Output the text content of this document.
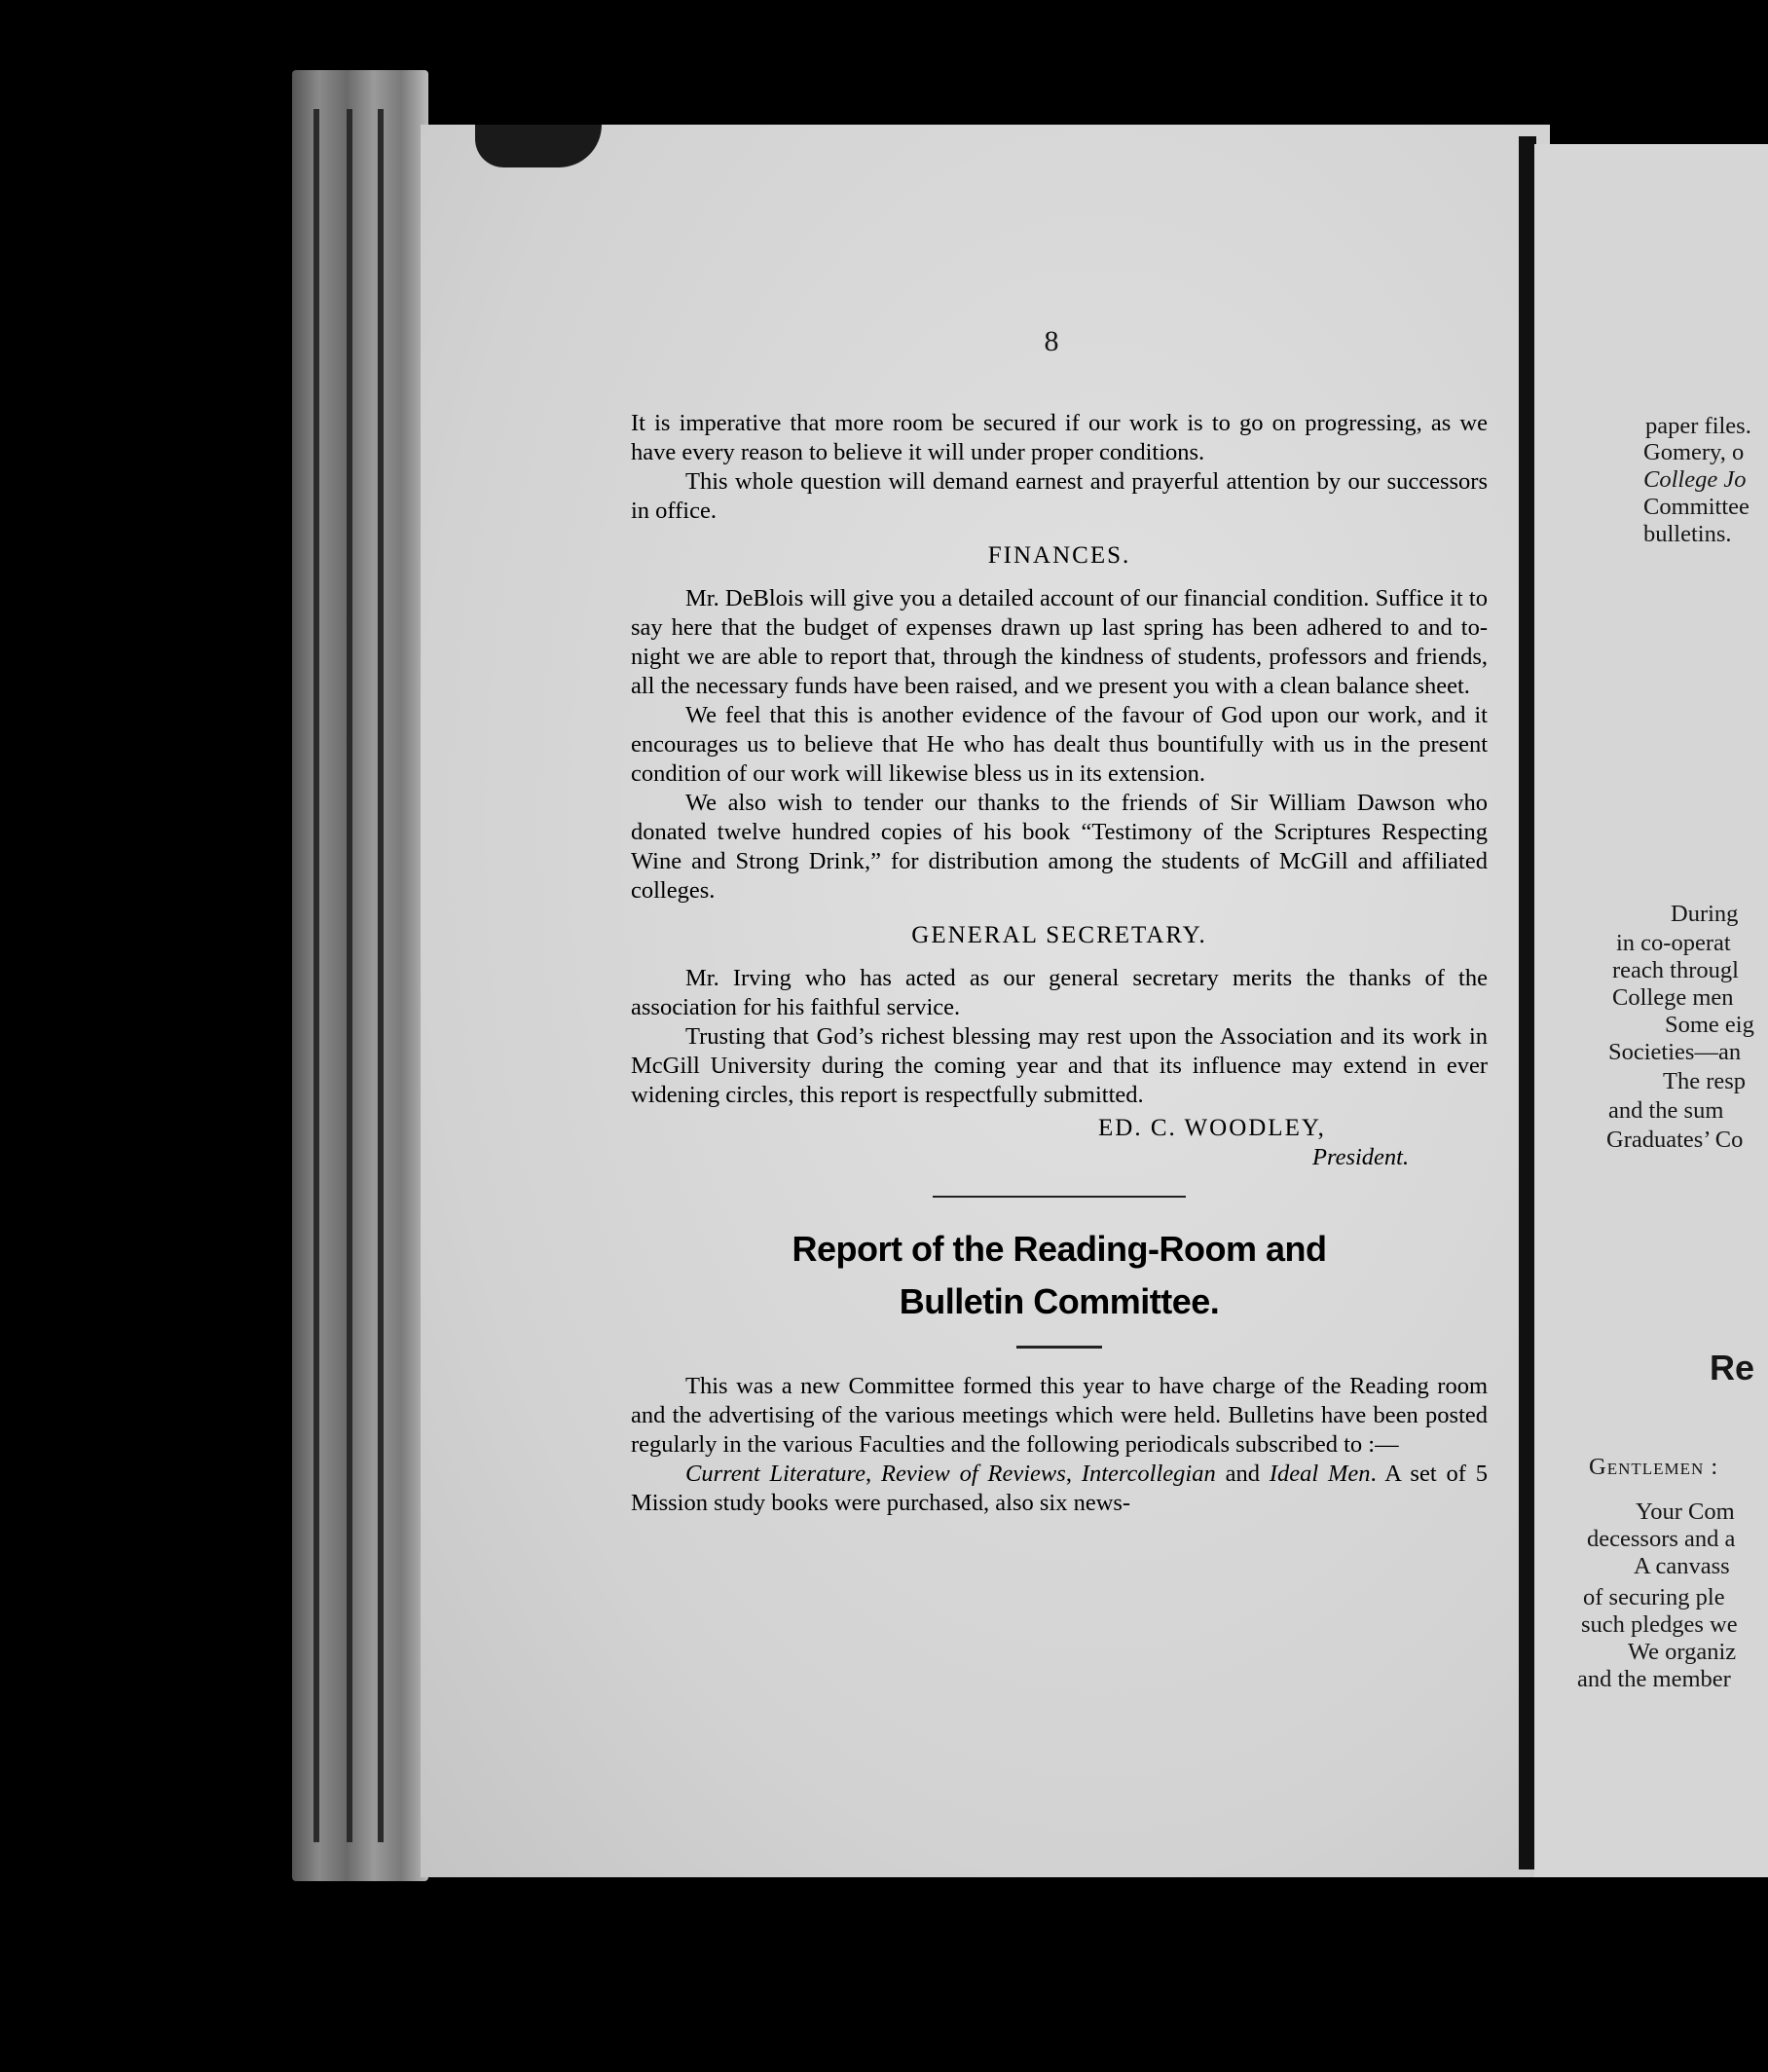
8

It is imperative that more room be secured if our work is to go on progressing, as we have every reason to believe it will under proper conditions.

This whole question will demand earnest and prayerful attention by our successors in office.

FINANCES.

Mr. DeBlois will give you a detailed account of our financial condition. Suffice it to say here that the budget of expenses drawn up last spring has been adhered to and to-night we are able to report that, through the kindness of students, professors and friends, all the necessary funds have been raised, and we present you with a clean balance sheet.

We feel that this is another evidence of the favour of God upon our work, and it encourages us to believe that He who has dealt thus bountifully with us in the present condition of our work will likewise bless us in its extension.

We also wish to tender our thanks to the friends of Sir William Dawson who donated twelve hundred copies of his book “Testimony of the Scriptures Respecting Wine and Strong Drink,” for distribution among the students of McGill and affiliated colleges.

GENERAL SECRETARY.

Mr. Irving who has acted as our general secretary merits the thanks of the association for his faithful service.

Trusting that God’s richest blessing may rest upon the Association and its work in McGill University during the coming year and that its influence may extend in ever widening circles, this report is respectfully submitted.

ED. C. WOODLEY,
President.
Report of the Reading-Room and
Bulletin Committee.

This was a new Committee formed this year to have charge of the Reading room and the advertising of the various meetings which were held. Bulletins have been posted regularly in the various Faculties and the following periodicals subscribed to :—

Current Literature, Review of Reviews, Intercollegian and Ideal Men. A set of 5 Mission study books were purchased, also six news-

paper files.
Gomery, o
College Jo
Committee
bulletins.
During
in co-operat
reach througl
College men
Some eig
Societies—an
The resp
and the sum
Graduates’ Co
Re
Gentlemen :
Your Com
decessors and a
A canvass
of securing ple
such pledges we
We organiz
and the member
